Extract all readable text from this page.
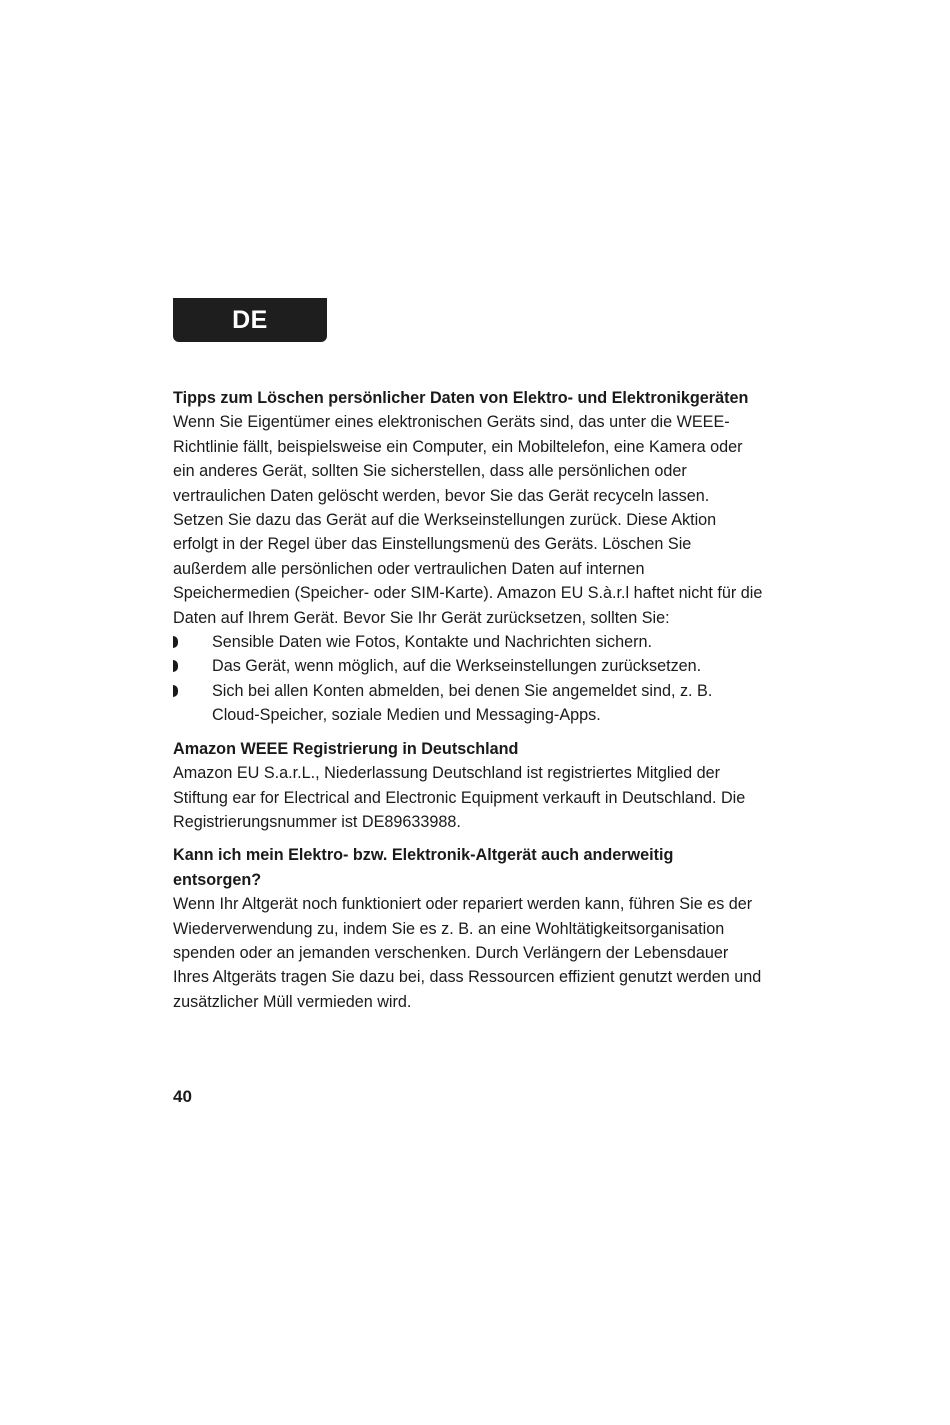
DE
Tipps zum Löschen persönlicher Daten von Elektro- und Elektronikgeräten

Wenn Sie Eigentümer eines elektronischen Geräts sind, das unter die WEEE-Richtlinie fällt, beispielsweise ein Computer, ein Mobiltelefon, eine Kamera oder ein anderes Gerät, sollten Sie sicherstellen, dass alle persönlichen oder vertraulichen Daten gelöscht werden, bevor Sie das Gerät recyceln lassen. Setzen Sie dazu das Gerät auf die Werkseinstellungen zurück. Diese Aktion erfolgt in der Regel über das Einstellungsmenü des Geräts. Löschen Sie außerdem alle persönlichen oder vertraulichen Daten auf internen Speichermedien (Speicher- oder SIM-Karte). Amazon EU S.à.r.l haftet nicht für die Daten auf Ihrem Gerät. Bevor Sie Ihr Gerät zurücksetzen, sollten Sie:

Sensible Daten wie Fotos, Kontakte und Nachrichten sichern.
Das Gerät, wenn möglich, auf die Werkseinstellungen zurücksetzen.
Sich bei allen Konten abmelden, bei denen Sie angemeldet sind, z. B. Cloud-Speicher, soziale Medien und Messaging-Apps.
Amazon WEEE Registrierung in Deutschland

Amazon EU S.a.r.L., Niederlassung Deutschland ist registriertes Mitglied der Stiftung ear for Electrical and Electronic Equipment verkauft in Deutschland. Die Registrierungsnummer ist DE89633988.

Kann ich mein Elektro- bzw. Elektronik-Altgerät auch anderweitig entsorgen?

Wenn Ihr Altgerät noch funktioniert oder repariert werden kann, führen Sie es der Wiederverwendung zu, indem Sie es z. B. an eine Wohltätigkeitsorganisation spenden oder an jemanden verschenken. Durch Verlängern der Lebensdauer Ihres Altgeräts tragen Sie dazu bei, dass Ressourcen effizient genutzt werden und zusätzlicher Müll vermieden wird.

40
